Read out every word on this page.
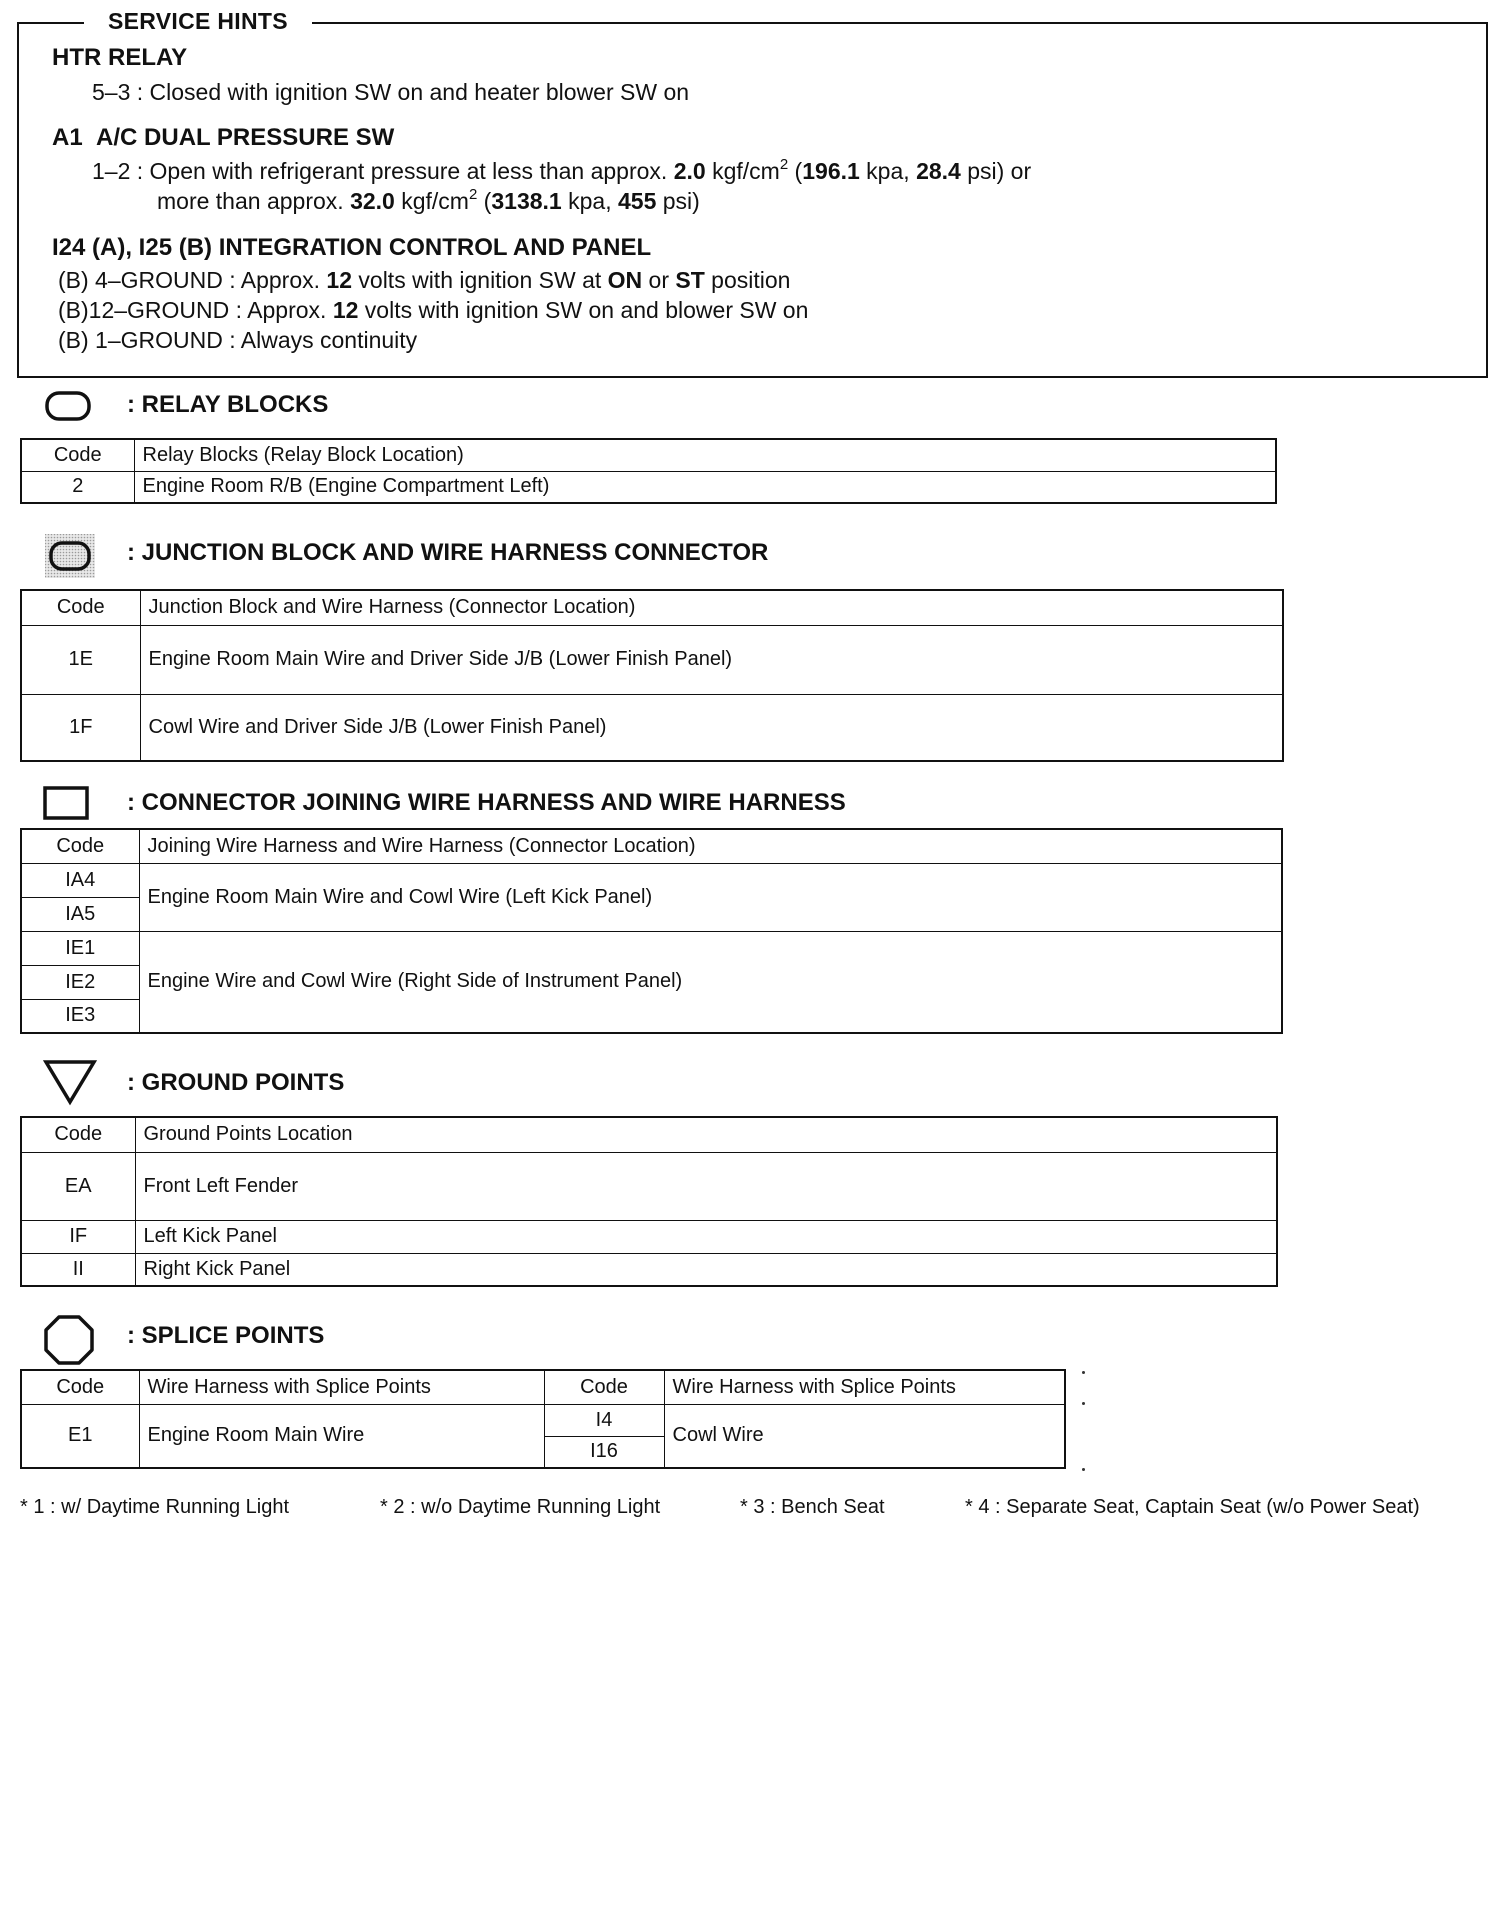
SERVICE HINTS
HTR RELAY
5–3 : Closed with ignition SW on and heater blower SW on
A1 A/C DUAL PRESSURE SW
1–2 : Open with refrigerant pressure at less than approx. 2.0 kgf/$cm^2$ (196.1 kpa, 28.4 psi) or
more than approx. 32.0 kgf/$cm^2$ (3138.1 kpa, 455 psi)
I24 (A), I25 (B) INTEGRATION CONTROL AND PANEL
(B) 4–GROUND : Approx. 12 volts with ignition SW at ON or ST position
(B)12–GROUND : Approx. 12 volts with ignition SW on and blower SW on
(B) 1–GROUND : Always continuity
: RELAY BLOCKS
Code	Relay Blocks (Relay Block Location)
2	Engine Room R/B (Engine Compartment Left)
: JUNCTION BLOCK AND WIRE HARNESS CONNECTOR
Code	Junction Block and Wire Harness (Connector Location)
1E	Engine Room Main Wire and Driver Side J/B (Lower Finish Panel)
1F	Cowl Wire and Driver Side J/B (Lower Finish Panel)
: CONNECTOR JOINING WIRE HARNESS AND WIRE HARNESS
Code	Joining Wire Harness and Wire Harness (Connector Location)
IA4	Engine Room Main Wire and Cowl Wire (Left Kick Panel)
IA5	
IE1	Engine Wire and Cowl Wire (Right Side of Instrument Panel)
IE2	
IE3	
: GROUND POINTS
Code	Ground Points Location
EA	Front Left Fender
IF	Left Kick Panel
II	Right Kick Panel
: SPLICE POINTS
Code	Wire Harness with Splice Points	Code	Wire Harness with Splice Points
E1	Engine Room Main Wire	I4	Cowl Wire
		I16	
* 1 : w/ Daytime Running Light	* 2 : w/o Daytime Running Light	* 3 : Bench Seat	* 4 : Separate Seat, Captain Seat (w/o Power Seat)
